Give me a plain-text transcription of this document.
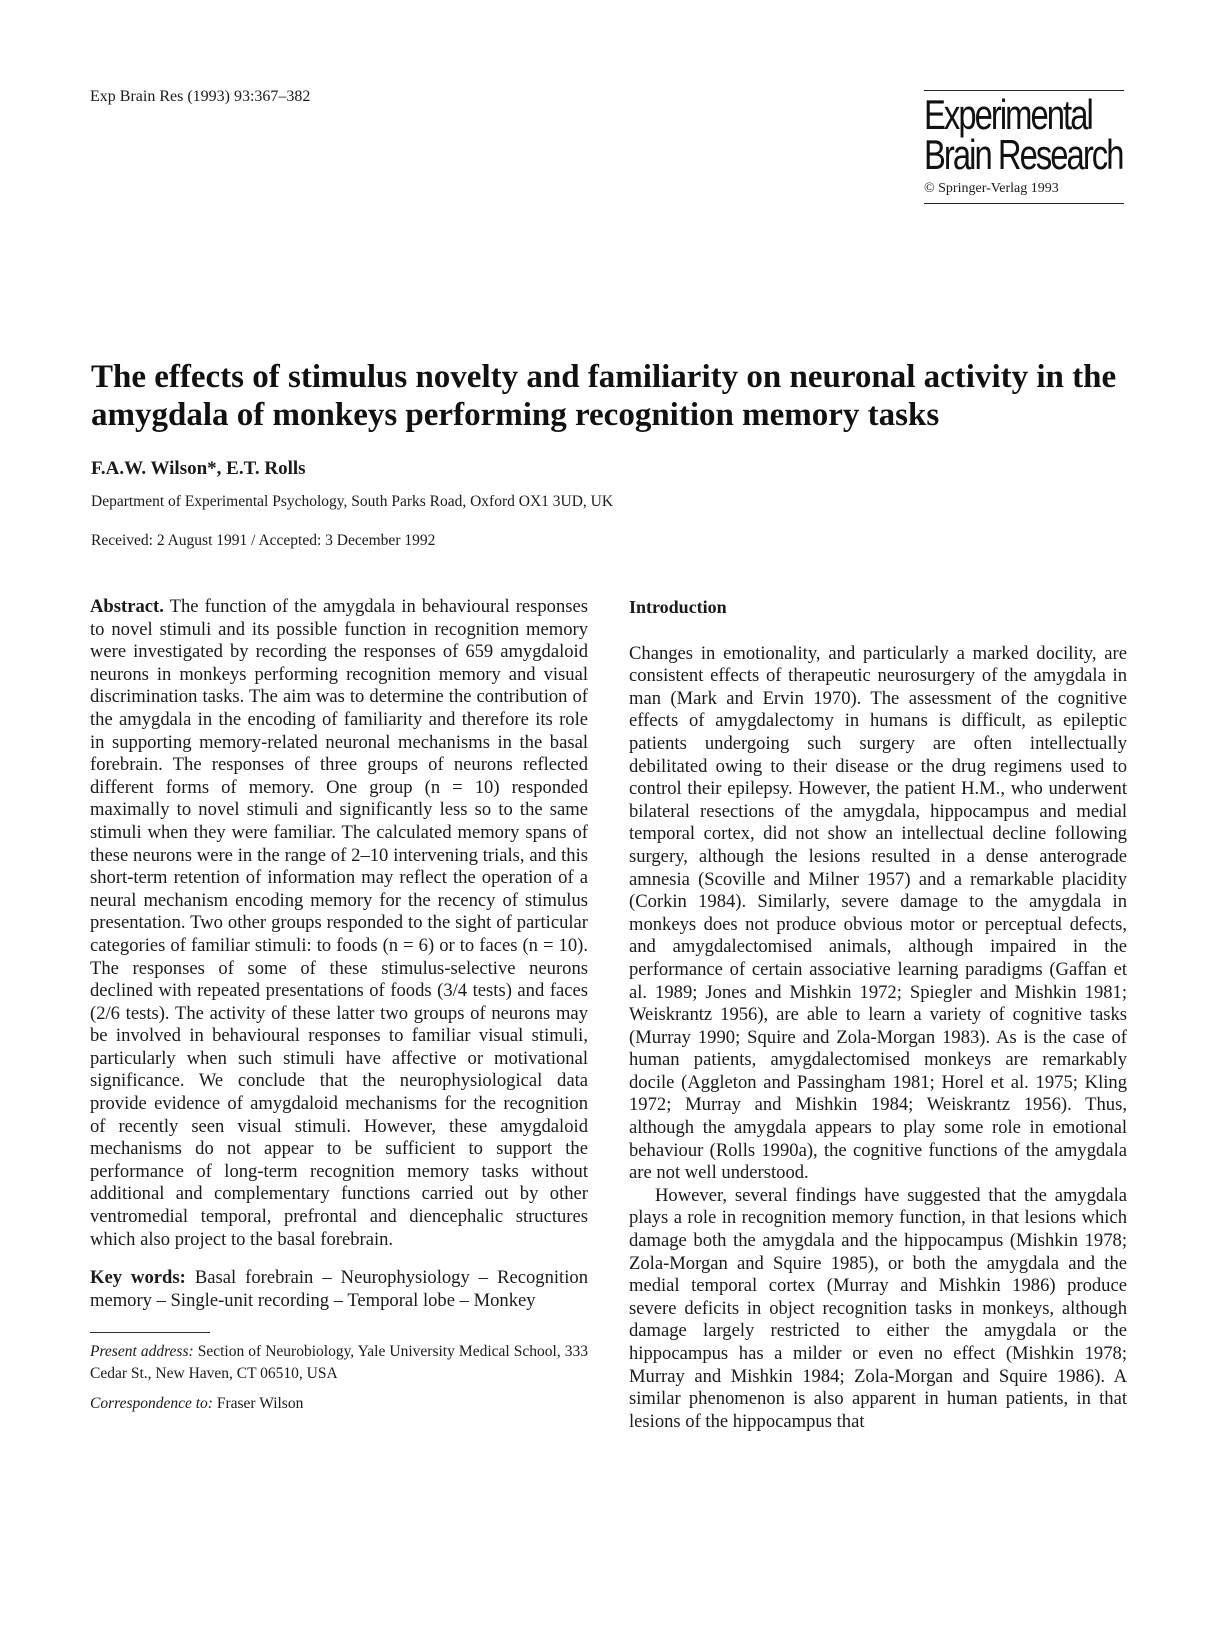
Exp Brain Res (1993) 93:367–382	Experimental
Brain Research
© Springer-Verlag 1993
The effects of stimulus novelty and familiarity on neuronal activity in the amygdala of monkeys performing recognition memory tasks
F.A.W. Wilson*, E.T. Rolls
Department of Experimental Psychology, South Parks Road, Oxford OX1 3UD, UK
Received: 2 August 1991 / Accepted: 3 December 1992

Abstract. The function of the amygdala in behavioural responses to novel stimuli and its possible function in recognition memory were investigated by recording the responses of 659 amygdaloid neurons in monkeys performing recognition memory and visual discrimination tasks. The aim was to determine the contribution of the amygdala in the encoding of familiarity and therefore its role in supporting memory-related neuronal mechanisms in the basal forebrain. The responses of three groups of neurons reflected different forms of memory. One group (n = 10) responded maximally to novel stimuli and significantly less so to the same stimuli when they were familiar. The calculated memory spans of these neurons were in the range of 2–10 intervening trials, and this short-term retention of information may reflect the operation of a neural mechanism encoding memory for the recency of stimulus presentation. Two other groups responded to the sight of particular categories of familiar stimuli: to foods (n = 6) or to faces (n = 10). The responses of some of these stimulus-selective neurons declined with repeated presentations of foods (3/4 tests) and faces (2/6 tests). The activity of these latter two groups of neurons may be involved in behavioural responses to familiar visual stimuli, particularly when such stimuli have affective or motivational significance. We conclude that the neurophysiological data provide evidence of amygdaloid mechanisms for the recognition of recently seen visual stimuli. However, these amygdaloid mechanisms do not appear to be sufficient to support the performance of long-term recognition memory tasks without additional and complementary functions carried out by other ventromedial temporal, prefrontal and diencephalic structures which also project to the basal forebrain.

Key words: Basal forebrain – Neurophysiology – Recognition memory – Single-unit recording – Temporal lobe – Monkey

Present address: Section of Neurobiology, Yale University Medical School, 333 Cedar St., New Haven, CT 06510, USA

Correspondence to: Fraser Wilson

Introduction

Changes in emotionality, and particularly a marked docility, are consistent effects of therapeutic neurosurgery of the amygdala in man (Mark and Ervin 1970). The assessment of the cognitive effects of amygdalectomy in humans is difficult, as epileptic patients undergoing such surgery are often intellectually debilitated owing to their disease or the drug regimens used to control their epilepsy. However, the patient H.M., who underwent bilateral resections of the amygdala, hippocampus and medial temporal cortex, did not show an intellectual decline following surgery, although the lesions resulted in a dense anterograde amnesia (Scoville and Milner 1957) and a remarkable placidity (Corkin 1984). Similarly, severe damage to the amygdala in monkeys does not produce obvious motor or perceptual defects, and amygdalectomised animals, although impaired in the performance of certain associative learning paradigms (Gaffan et al. 1989; Jones and Mishkin 1972; Spiegler and Mishkin 1981; Weiskrantz 1956), are able to learn a variety of cognitive tasks (Murray 1990; Squire and Zola-Morgan 1983). As is the case of human patients, amygdalectomised monkeys are remarkably docile (Aggleton and Passingham 1981; Horel et al. 1975; Kling 1972; Murray and Mishkin 1984; Weiskrantz 1956). Thus, although the amygdala appears to play some role in emotional behaviour (Rolls 1990a), the cognitive functions of the amygdala are not well understood.

However, several findings have suggested that the amygdala plays a role in recognition memory function, in that lesions which damage both the amygdala and the hippocampus (Mishkin 1978; Zola-Morgan and Squire 1985), or both the amygdala and the medial temporal cortex (Murray and Mishkin 1986) produce severe deficits in object recognition tasks in monkeys, although damage largely restricted to either the amygdala or the hippocampus has a milder or even no effect (Mishkin 1978; Murray and Mishkin 1984; Zola-Morgan and Squire 1986). A similar phenomenon is also apparent in human patients, in that lesions of the hippocampus that
